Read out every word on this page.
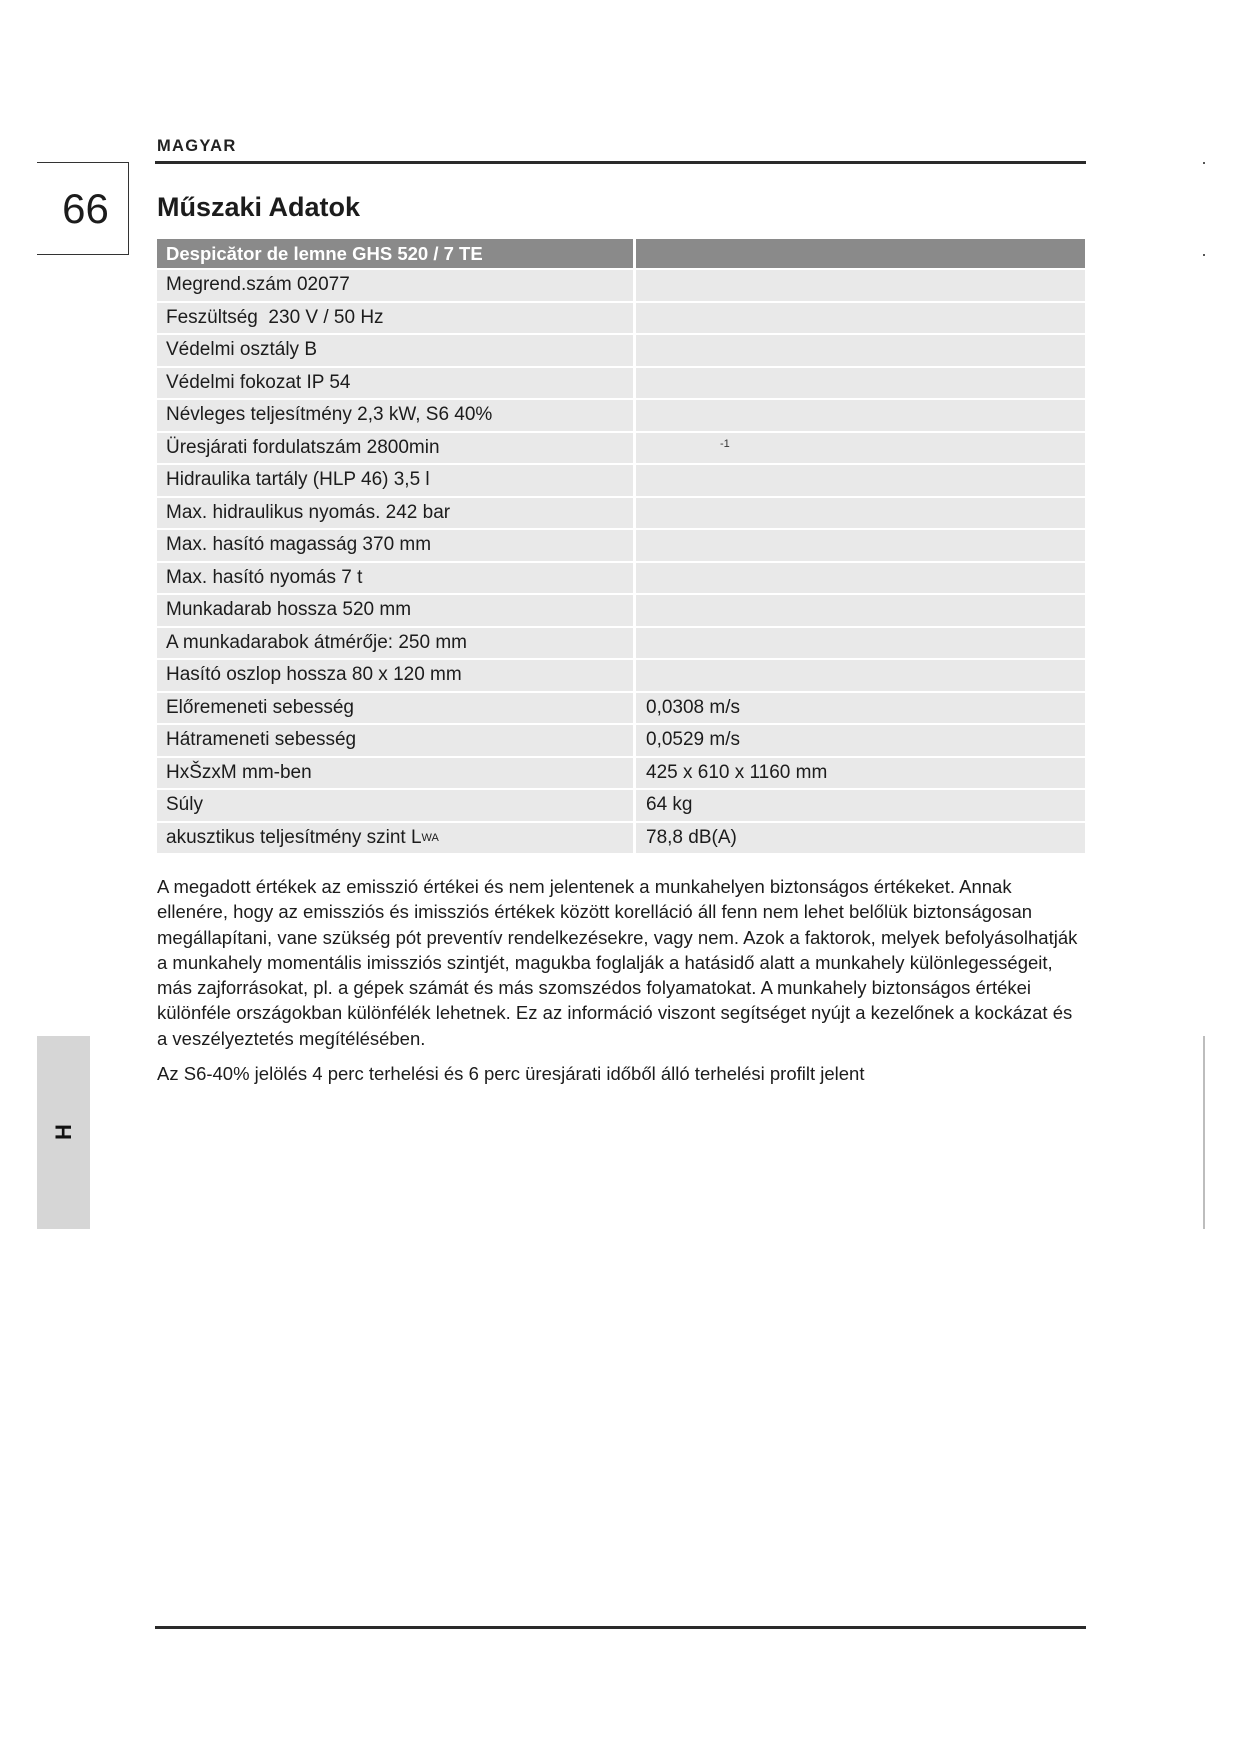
MAGYAR
66 Műszaki Adatok
Despicător de lemne GHS 520 / 7 TE
Megrend.szám 02077
Feszültség  230 V / 50 Hz
Védelmi osztály B
Védelmi fokozat IP 54
Névleges teljesítmény 2,3 kW, S6 40%
Üresjárati fordulatszám 2800min	-1
Hidraulika tartály (HLP 46) 3,5 l
Max. hidraulikus nyomás. 242 bar
Max. hasító magasság 370 mm
Max. hasító nyomás 7 t
Munkadarab hossza 520 mm
A munkadarabok átmérője: 250 mm
Hasító oszlop hossza 80 x 120 mm
Előremeneti sebesség	0,0308 m/s
Hátrameneti sebesség	0,0529 m/s
HxŠzxM mm-ben	425 x 610 x 1160 mm
Súly	64 kg
akusztikus teljesítmény szint L WA	78,8 dB(A)
A megadott értékek az emisszió értékei és nem jelentenek a munkahelyen biztonságos értékeket. Annak
ellenére, hogy az emissziós és imissziós értékek között korelláció áll fenn nem lehet belőlük biztonságosan
megállapítani, vane szükség pót preventív rendelkezésekre, vagy nem. Azok a faktorok, melyek befolyásolhatják
a munkahely momentális imissziós szintjét, magukba foglalják a hatásidő alatt a munkahely különlegességeit,
más zajforrásokat, pl. a gépek számát és más szomszédos folyamatokat. A munkahely biztonságos értékei
különféle országokban különfélék lehetnek. Ez az információ viszont segítséget nyújt a kezelőnek a kockázat és
a veszélyeztetés megítélésében.
Az S6-40% jelölés 4 perc terhelési és 6 perc üresjárati időből álló terhelési profilt jelent
H
